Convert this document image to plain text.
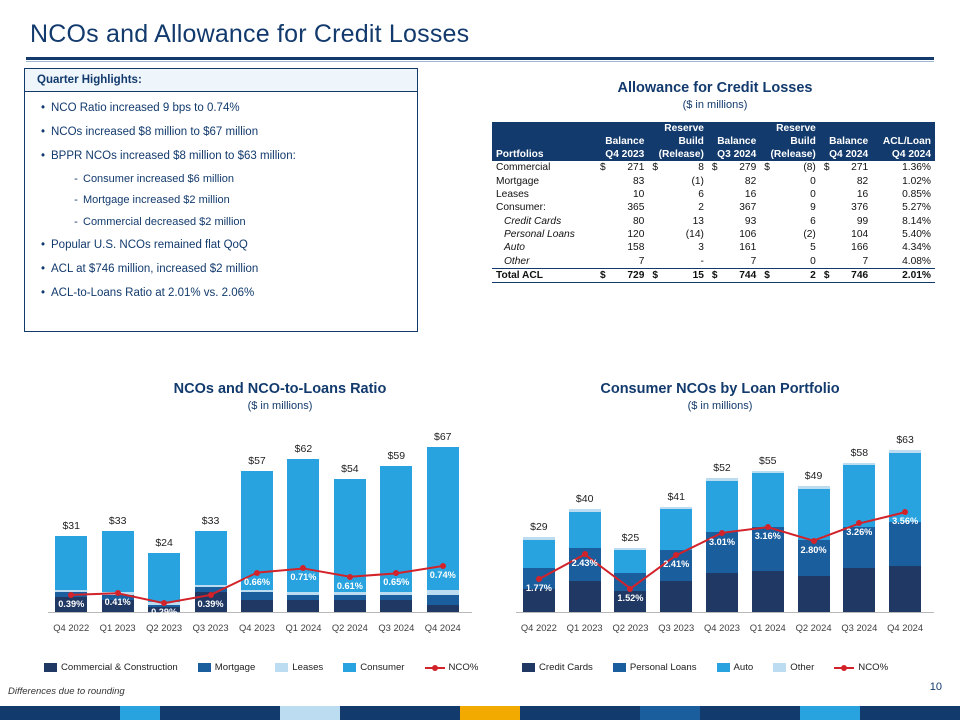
NCOs and Allowance for Credit Losses
Quarter Highlights:
• NCO Ratio increased 9 bps to 0.74%
• NCOs increased $8 million to $67 million
• BPPR NCOs increased $8 million to $63 million:
- Consumer increased $6 million
- Mortgage increased $2 million
- Commercial decreased $2 million
• Popular U.S. NCOs remained flat QoQ
• ACL at $746 million, increased $2 million
• ACL-to-Loans Ratio at 2.01% vs. 2.06%
Allowance for Credit Losses
($ in millions)
			Reserve				Reserve					
	Balance		Build		Balance		Build		Balance		ACL/Loan	
Portfolios	Q4 2023		(Release)		Q3 2024		(Release)		Q4 2024		Q4 2024	
Commercial	$	271	$	8	$	279	$	(8)	$	271		1.36%
Mortgage		83		(1)		82		0		82		1.02%
Leases		10		6		16		0		16		0.85%
Consumer:		365		2		367		9		376		5.27%
Credit Cards		80		13		93		6		99		8.14%
Personal Loans		120		(14)		106		(2)		104		5.40%
Auto		158		3		161		5		166		4.34%
Other		7		-		7		0		7		4.08%
Total ACL	$	729	$	15	$	744	$	2	$	746		2.01%
NCOs and NCO-to-Loans Ratio
($ in millions)
$31
Q4 2022
$33
Q1 2023
$24
Q2 2023
$33
Q3 2023
$57
Q4 2023
$62
Q1 2024
$54
Q2 2024
$59
Q3 2024
$67
Q4 2024
0.39%	0.41%
0.29%
0.39%
0.66%	0.71%
0.61%	0.65%
0.74%
Commercial & Construction	Mortgage	Leases	Consumer	NCO%
Consumer NCOs by Loan Portfolio
($ in millions)
$29
Q4 2022
$40
Q1 2023
$25
Q2 2023
$41
Q3 2023
$52
Q4 2023
$55
Q1 2024
$49
Q2 2024
$58
Q3 2024
$63
Q4 2024
1.77%
2.43%
1.52%
2.41%
3.01%
3.16%
2.80%
3.26%
3.56%
Credit Cards	Personal Loans	Auto	Other	NCO%
Differences due to rounding	10
